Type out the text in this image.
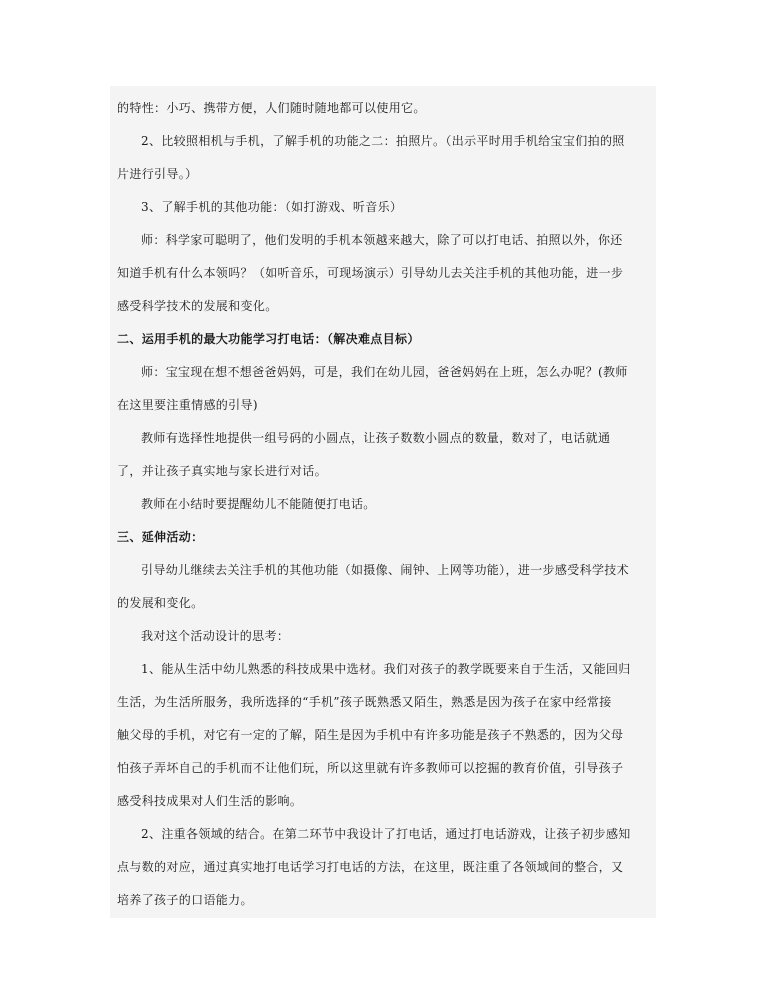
的特性：小巧、携带方便，人们随时随地都可以使用它。
2、比较照相机与手机，了解手机的功能之二：拍照片。（出示平时用手机给宝宝们拍的照
片进行引导。）
3、了解手机的其他功能：（如打游戏、听音乐）
师：科学家可聪明了，他们发明的手机本领越来越大，除了可以打电话、拍照以外，你还
知道手机有什么本领吗？（如听音乐，可现场演示）引导幼儿去关注手机的其他功能，进一步
感受科学技术的发展和变化。
二、运用手机的最大功能学习打电话：（解决难点目标）
师：宝宝现在想不想爸爸妈妈，可是，我们在幼儿园，爸爸妈妈在上班，怎么办呢？(教师
在这里要注重情感的引导)
教师有选择性地提供一组号码的小圆点，让孩子数数小圆点的数量，数对了，电话就通
了，并让孩子真实地与家长进行对话。
教师在小结时要提醒幼儿不能随便打电话。
三、延伸活动：
引导幼儿继续去关注手机的其他功能（如摄像、闹钟、上网等功能），进一步感受科学技术
的发展和变化。
我对这个活动设计的思考：
1、能从生活中幼儿熟悉的科技成果中选材。我们对孩子的教学既要来自于生活，又能回归
生活，为生活所服务，我所选择的“手机”孩子既熟悉又陌生，熟悉是因为孩子在家中经常接
触父母的手机，对它有一定的了解，陌生是因为手机中有许多功能是孩子不熟悉的，因为父母
怕孩子弄坏自己的手机而不让他们玩，所以这里就有许多教师可以挖掘的教育价值，引导孩子
感受科技成果对人们生活的影响。
2、注重各领域的结合。在第二环节中我设计了打电话，通过打电话游戏，让孩子初步感知
点与数的对应，通过真实地打电话学习打电话的方法，在这里，既注重了各领域间的整合，又
培养了孩子的口语能力。
